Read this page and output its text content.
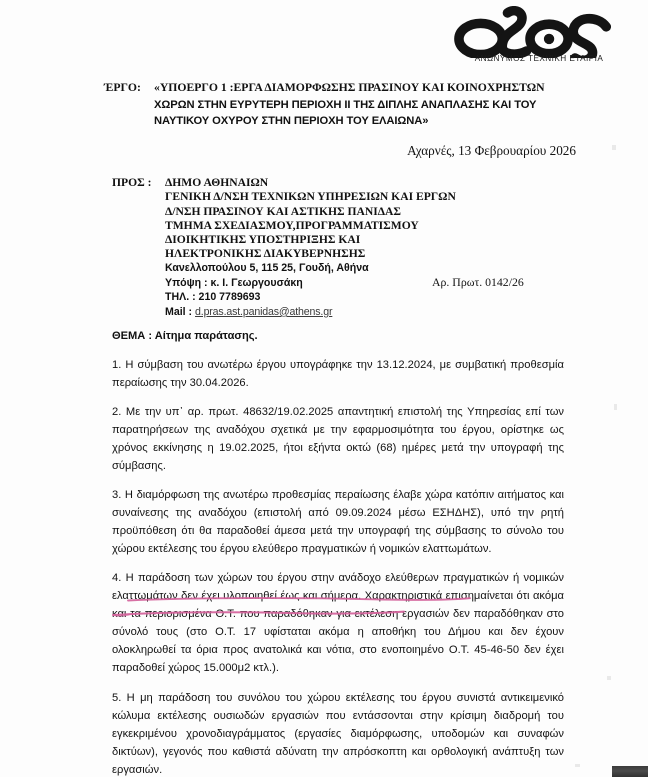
ΑΝΩΝΥΜΟΣ ΤΕΧΝΙΚΗ ΕΤΑΙΡΙΑ
ΈΡΓΟ: «ΥΠΟΕΡΓΟ 1 :ΕΡΓΑ ΔΙΑΜΟΡΦΩΣΗΣ ΠΡΑΣΙΝΟΥ ΚΑΙ ΚΟΙΝΟΧΡΗΣΤΩΝ
ΧΩΡΩΝ ΣΤΗΝ ΕΥΡΥΤΕΡΗ ΠΕΡΙΟΧΗ ΙΙ ΤΗΣ ΔΙΠΛΗΣ ΑΝΑΠΛΑΣΗΣ ΚΑΙ ΤΟΥ
ΝΑΥΤΙΚΟΥ ΟΧΥΡΟΥ ΣΤΗΝ ΠΕΡΙΟΧΗ ΤΟΥ ΕΛΑΙΩΝΑ»
Αχαρνές, 13 Φεβρουαρίου 2026
ΠΡΟΣ : ΔΗΜΟ ΑΘΗΝΑΙΩΝ
ΓΕΝΙΚΗ Δ/ΝΣΗ ΤΕΧΝΙΚΩΝ ΥΠΗΡΕΣΙΩΝ ΚΑΙ ΕΡΓΩΝ
Δ/ΝΣΗ ΠΡΑΣΙΝΟΥ ΚΑΙ ΑΣΤΙΚΗΣ ΠΑΝΙΔΑΣ
ΤΜΗΜΑ ΣΧΕΔΙΑΣΜΟΥ,ΠΡΟΓΡΑΜΜΑΤΙΣΜΟΥ
ΔΙΟΙΚΗΤΙΚΗΣ ΥΠΟΣΤΗΡΙΞΗΣ ΚΑΙ
ΗΛΕΚΤΡΟΝΙΚΗΣ ΔΙΑΚΥΒΕΡΝΗΣΗΣ
Κανελλοπούλου 5, 115 25, Γουδή, Αθήνα
Υπόψη : κ. Ι. Γεωργουσάκη
ΤΗΛ. : 210 7789693
Mail : d.pras.ast.panidas@athens.gr
Αρ. Πρωτ. 0142/26
ΘΕΜΑ : Αίτημα παράτασης.

1. Η σύμβαση του ανωτέρω έργου υπογράφηκε την 13.12.2024, με συμβατική προθεσμία περαίωσης την 30.04.2026.

2. Με την υπ᾽ αρ. πρωτ. 48632/19.02.2025 απαντητική επιστολή της Υπηρεσίας επί των παρατηρήσεων της αναδόχου σχετικά με την εφαρμοσιμότητα του έργου, ορίστηκε ως χρόνος εκκίνησης η 19.02.2025, ήτοι εξήντα οκτώ (68) ημέρες μετά την υπογραφή της σύμβασης.

3. Η διαμόρφωση της ανωτέρω προθεσμίας περαίωσης έλαβε χώρα κατόπιν αιτήματος και συναίνεσης της αναδόχου (επιστολή από 09.09.2024 μέσω ΕΣΗΔΗΣ), υπό την ρητή προϋπόθεση ότι θα παραδοθεί άμεσα μετά την υπογραφή της σύμβασης το σύνολο του χώρου εκτέλεσης του έργου ελεύθερο πραγματικών ή νομικών ελαττωμάτων.

4. Η παράδοση των χώρων του έργου στην ανάδοχο ελεύθερων πραγματικών ή νομικών ελαττωμάτων δεν έχει υλοποιηθεί έως και σήμερα. Χαρακτηριστικά επισημαίνεται ότι ακόμα και τα περιορισμένα Ο.Τ. που παραδόθηκαν για εκτέλεση εργασιών δεν παραδόθηκαν στο σύνολό τους (στο Ο.Τ. 17 υφίσταται ακόμα η αποθήκη του Δήμου και δεν έχουν ολοκληρωθεί τα όρια προς ανατολικά και νότια, στο ενοποιημένο Ο.Τ. 45-46-50 δεν έχει παραδοθεί χώρος 15.000μ2 κτλ.).

5. Η μη παράδοση του συνόλου του χώρου εκτέλεσης του έργου συνιστά αντικειμενικό κώλυμα εκτέλεσης ουσιωδών εργασιών που εντάσσονται στην κρίσιμη διαδρομή του εγκεκριμένου χρονοδιαγράμματος (εργασίες διαμόρφωσης, υποδομών και συναφών δικτύων), γεγονός που καθιστά αδύνατη την απρόσκοπτη και ορθολογική ανάπτυξη των εργασιών.
